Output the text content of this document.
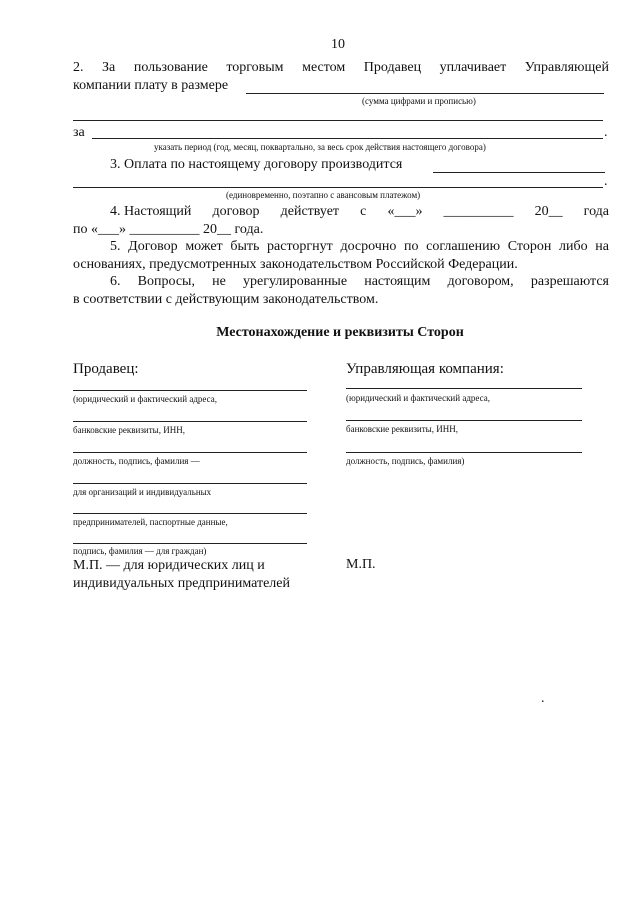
10
2. За пользование торговым местом Продавец уплачивает Управляющей
компании плату в размере
(сумма цифрами и прописью)
за	.
указать период (год, месяц, поквартально, за весь срок действия настоящего договора)
3. Оплата по настоящему договору производится
.
(единовременно, поэтапно с авансовым платежом)
4. Настоящий договор действует с «___» __________ 20__ года
по «___» __________ 20__ года.
5. Договор может быть расторгнут досрочно по соглашению Сторон либо на
основаниях, предусмотренных законодательством Российской Федерации.
6. Вопросы, не урегулированные настоящим договором, разрешаются
в соответствии с действующим законодательством.
Местонахождение и реквизиты Сторон
Продавец:
(юридический и фактический адреса,
банковские реквизиты, ИНН,
должность, подпись, фамилия —
для организаций и индивидуальных
предпринимателей, паспортные данные,
подпись, фамилия — для граждан)
М.П. — для юридических лиц и
индивидуальных предпринимателей
Управляющая компания:
(юридический и фактический адреса,
банковские реквизиты, ИНН,
должность, подпись, фамилия)
М.П.
.
